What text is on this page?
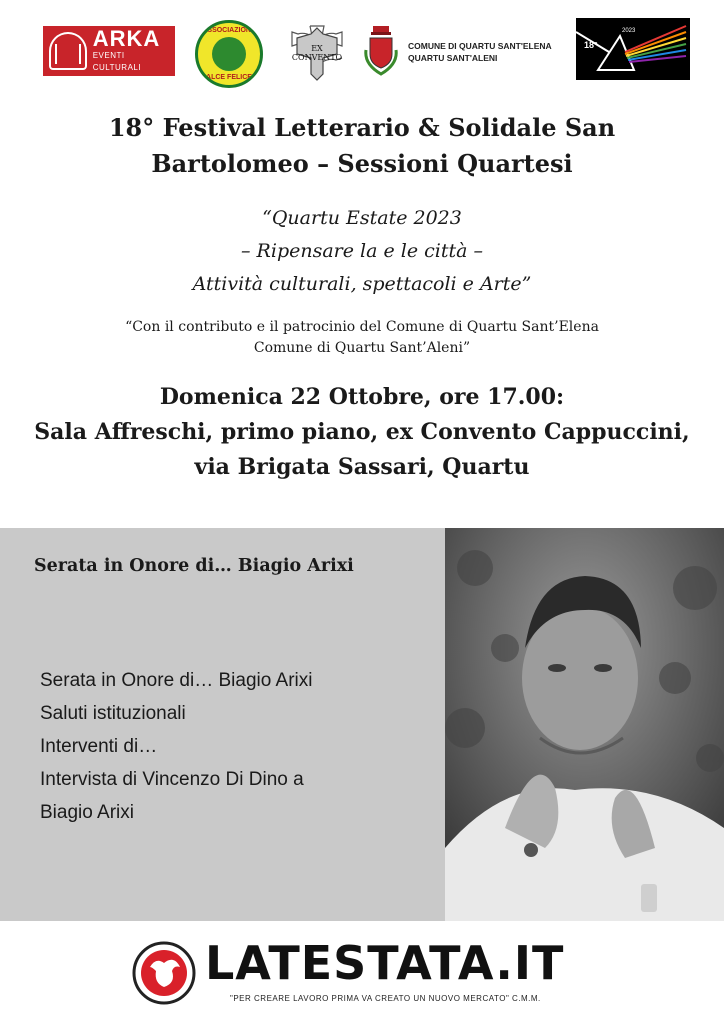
ARKA
EVENTI CULTURALI
ASSOCIAZIONE
ALCE FELICE
EX
CONVENTO
COMUNE DI QUARTU SANT'ELENA
QUARTU SANT'ALENI
18°
2023
18° Festival Letterario & Solidale San
Bartolomeo – Sessioni Quartesi
“Quartu Estate 2023
– Ripensare la e le città –
Attività culturali, spettacoli e Arte”
“Con il contributo e il patrocinio del Comune di Quartu Sant’Elena
Comune di Quartu Sant’Aleni”
Domenica 22 Ottobre, ore 17.00:
Sala Affreschi, primo piano, ex Convento Cappuccini,
via Brigata Sassari, Quartu
Serata in Onore di… Biagio Arixi
Serata in Onore di… Biagio Arixi
Saluti istituzionali
Interventi di…
Intervista di Vincenzo Di Dino a
Biagio Arixi
LATESTATA.IT
"PER CREARE LAVORO PRIMA VA CREATO UN NUOVO MERCATO" C.M.M.
